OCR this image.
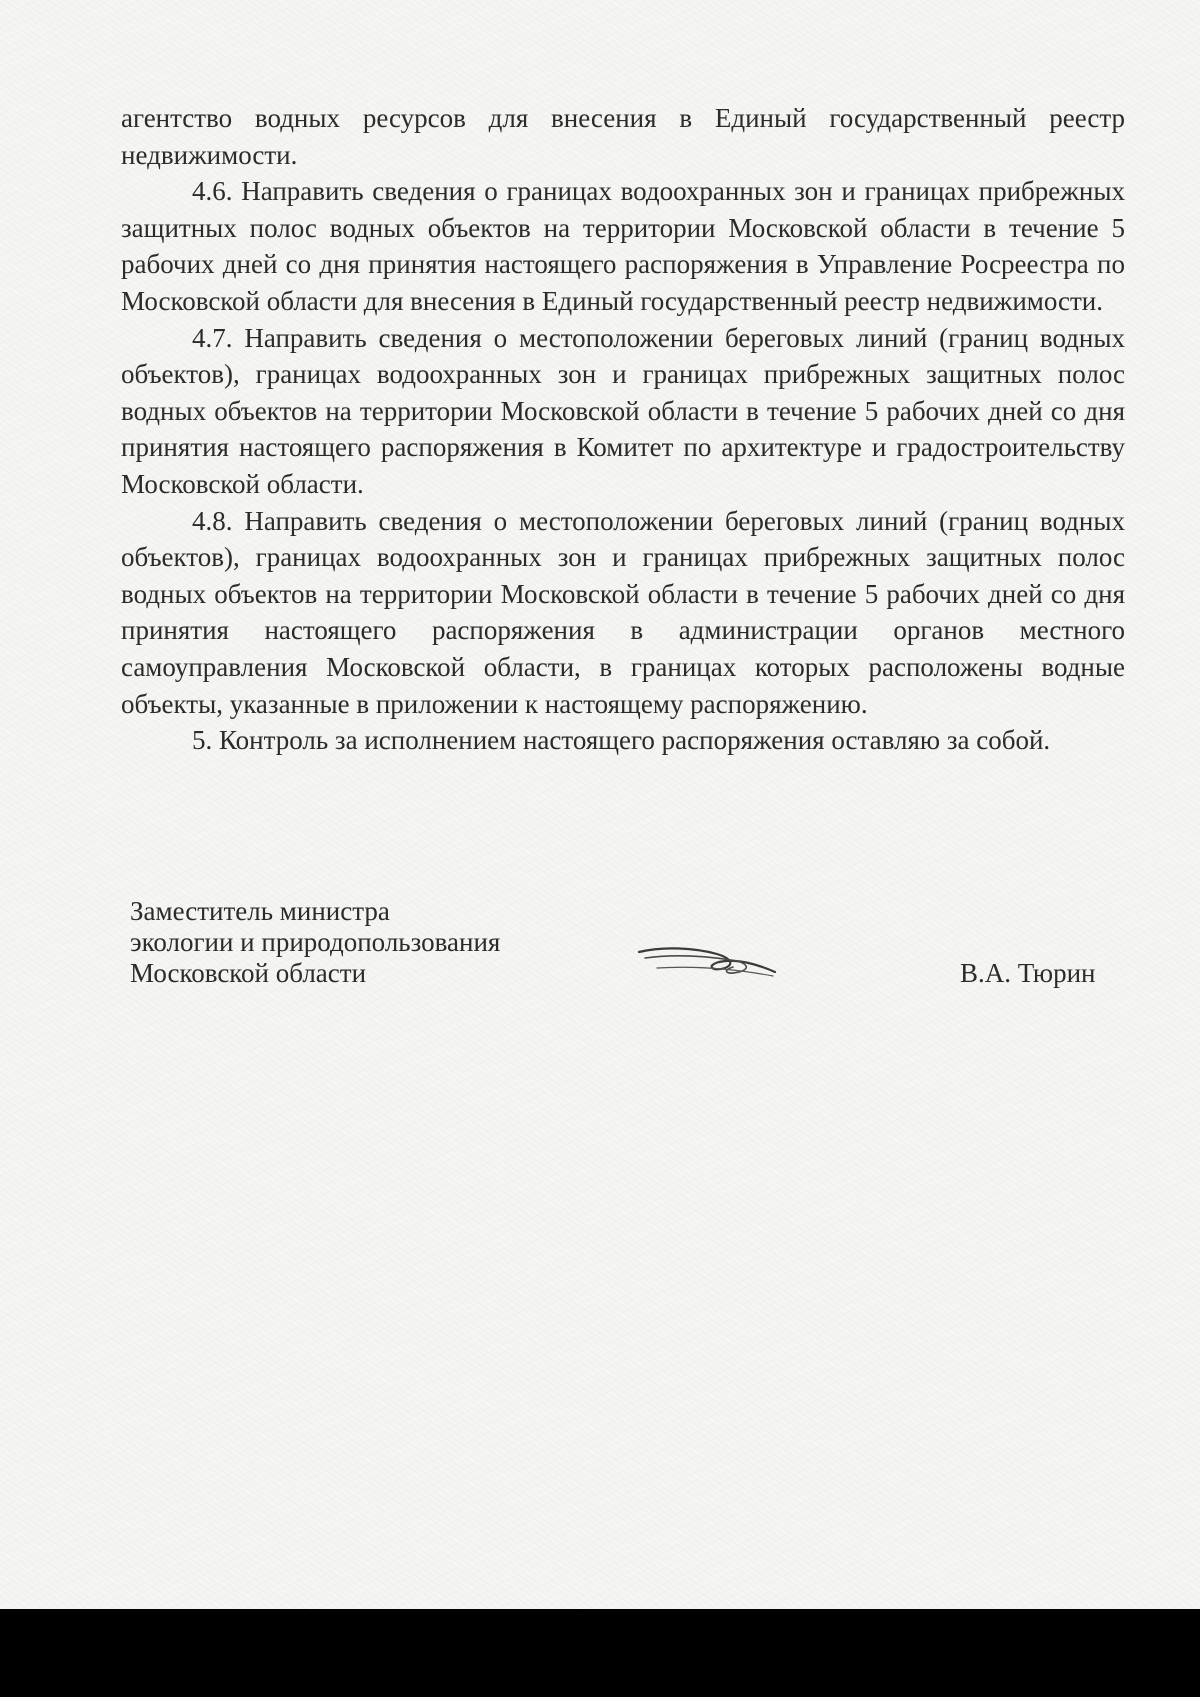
агентство водных ресурсов для внесения в Единый государственный реестр недвижимости.

4.6. Направить сведения о границах водоохранных зон и границах прибрежных защитных полос водных объектов на территории Московской области в течение 5 рабочих дней со дня принятия настоящего распоряжения в Управление Росреестра по Московской области для внесения в Единый государственный реестр недвижимости.

4.7. Направить сведения о местоположении береговых линий (границ водных объектов), границах водоохранных зон и границах прибрежных защитных полос водных объектов на территории Московской области в течение 5 рабочих дней со дня принятия настоящего распоряжения в Комитет по архитектуре и градостроительству Московской области.

4.8. Направить сведения о местоположении береговых линий (границ водных объектов), границах водоохранных зон и границах прибрежных защитных полос водных объектов на территории Московской области в течение 5 рабочих дней со дня принятия настоящего распоряжения в администрации органов местного самоуправления Московской области, в границах которых расположены водные объекты, указанные в приложении к настоящему распоряжению.

5. Контроль за исполнением настоящего распоряжения оставляю за собой.

Заместитель министра
экологии и природопользования
Московской области	В.А. Тюрин
